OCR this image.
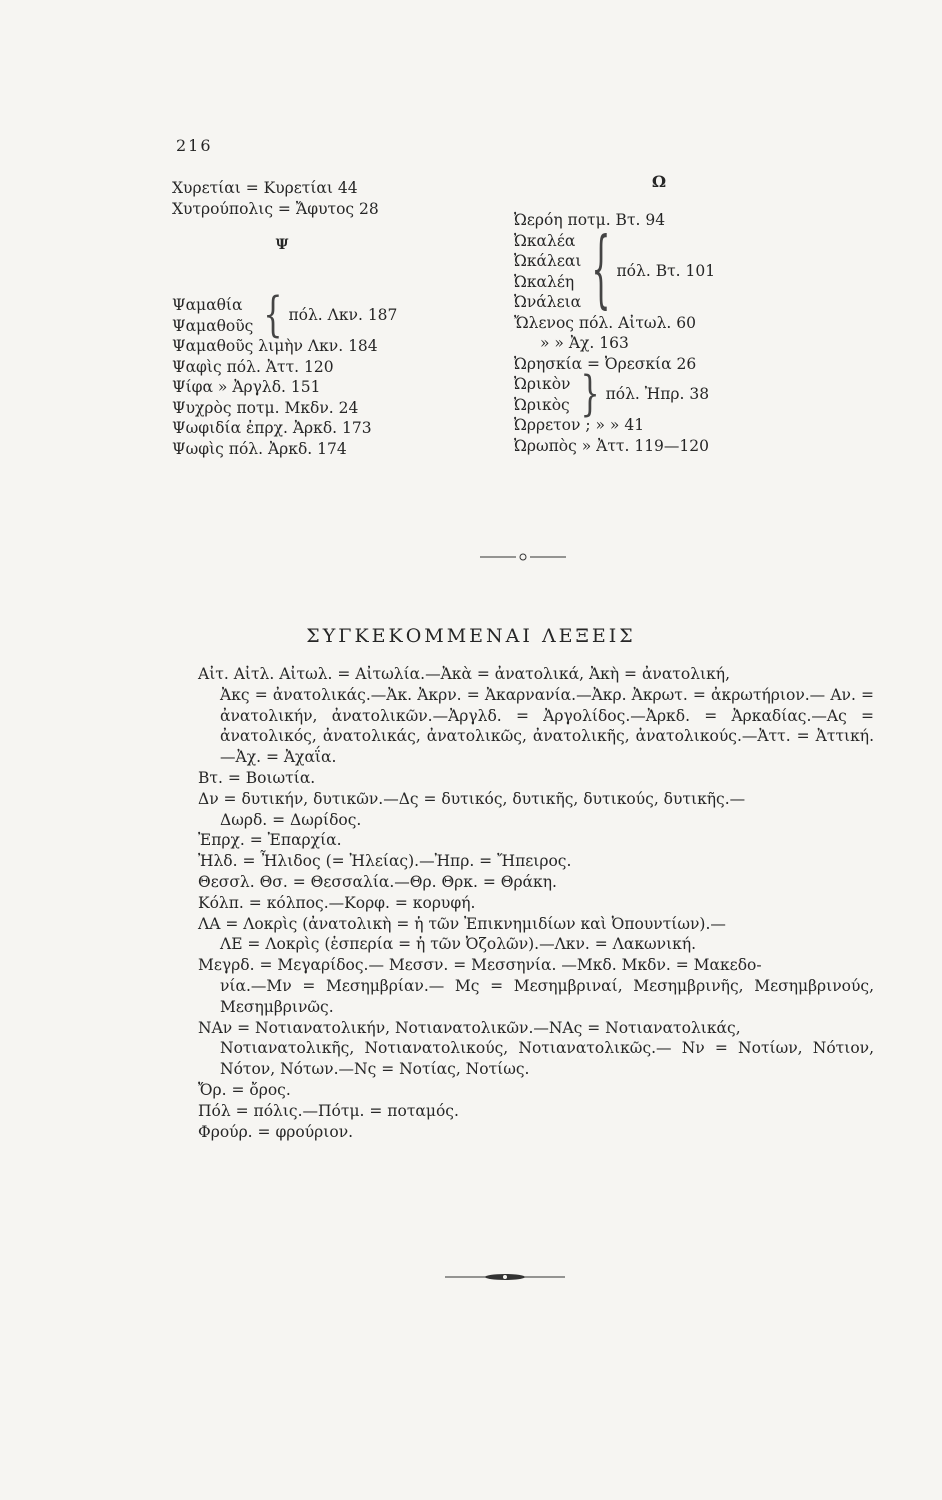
216
Χυρετίαι = Κυρετίαι 44
Χυτρούπολις = Ἄφυτος 28
Ψ
Ψαμαθία
Ψαμαθοῦς { πόλ. Λκν. 187
Ψαμαθοῦς λιμὴν Λκν. 184
Ψαφὶς πόλ. Ἀττ. 120
Ψίφα » Ἀργλδ. 151
Ψυχρὸς ποτμ. Μκδν. 24
Ψωφιδία ἐπρχ. Ἀρκδ. 173
Ψωφὶς πόλ. Ἀρκδ. 174
Ω
Ὠερόη ποτμ. Βτ. 94
Ὠκαλέα
Ὠκάλεαι
Ὠκαλέη
Ὠνάλεια { πόλ. Βτ. 101
Ὤλενος πόλ. Αἰτωλ. 60
» » Ἀχ. 163
Ὠρησκία = Ὀρεσκία 26
Ὠρικὸν
Ὠρικὸς } πόλ. Ἠπρ. 38
Ὠρρετον ; » » 41
Ὠρωπὸς » Ἀττ. 119—120
ΣΥΓΚΕΚΟΜΜΕΝΑΙ ΛΕΞΕΙΣ

Αἰτ. Αἰτλ. Αἰτωλ. = Αἰτωλία.—Ἀκὰ = ἀνατολικά, Ἀκὴ = ἀνατολική,

Ἀκς = ἀνατολικάς.—Ἀκ. Ἀκρν. = Ἀκαρνανία.—Ἀκρ. Ἀκρωτ. = ἀκρωτήριον.— Αν. = ἀνατολικήν, ἀνατολικῶν.—Ἀργλδ. = Ἀργολίδος.—Ἀρκδ. = Ἀρκαδίας.—Ας = ἀνατολικός, ἀνατολικάς, ἀνατολικῶς, ἀνατολικῆς, ἀνατολικούς.—Ἀττ. = Ἀττική.—Ἀχ. = Ἀχαΐα.

Βτ. = Βοιωτία.

Δν = δυτικήν, δυτικῶν.—Δς = δυτικός, δυτικῆς, δυτικούς, δυτικῆς.—

Δωρδ. = Δωρίδος.

Ἐπρχ. = Ἐπαρχία.

Ἠλδ. = Ἦλιδος (= Ἠλείας).—Ἠπρ. = Ἤπειρος.

Θεσσλ. Θσ. = Θεσσαλία.—Θρ. Θρκ. = Θράκη.

Κόλπ. = κόλπος.—Κορφ. = κορυφή.

ΛΑ = Λοκρὶς (ἀνατολικὴ = ἡ τῶν Ἐπικνημιδίων καὶ Ὀπουντίων).—

ΛΕ = Λοκρὶς (ἑσπερία = ἡ τῶν Ὀζολῶν).—Λκν. = Λακωνική.

Μεγρδ. = Μεγαρίδος.— Μεσσν. = Μεσσηνία. —Μκδ. Μκδν. = Μακεδο-

νία.—Μν = Μεσημβρίαν.— Μς = Μεσημβριναί, Μεσημβρινῆς, Μεσημβρινούς, Μεσημβρινῶς.

ΝΑν = Νοτιανατολικήν, Νοτιανατολικῶν.—ΝΑς = Νοτιανατολικάς,

Νοτιανατολικῆς, Νοτιανατολικούς, Νοτιανατολικῶς.— Νν = Νοτίων, Νότιον, Νότον, Νότων.—Νς = Νοτίας, Νοτίως.

Ὄρ. = ὄρος.

Πόλ = πόλις.—Πότμ. = ποταμός.

Φρούρ. = φρούριον.
